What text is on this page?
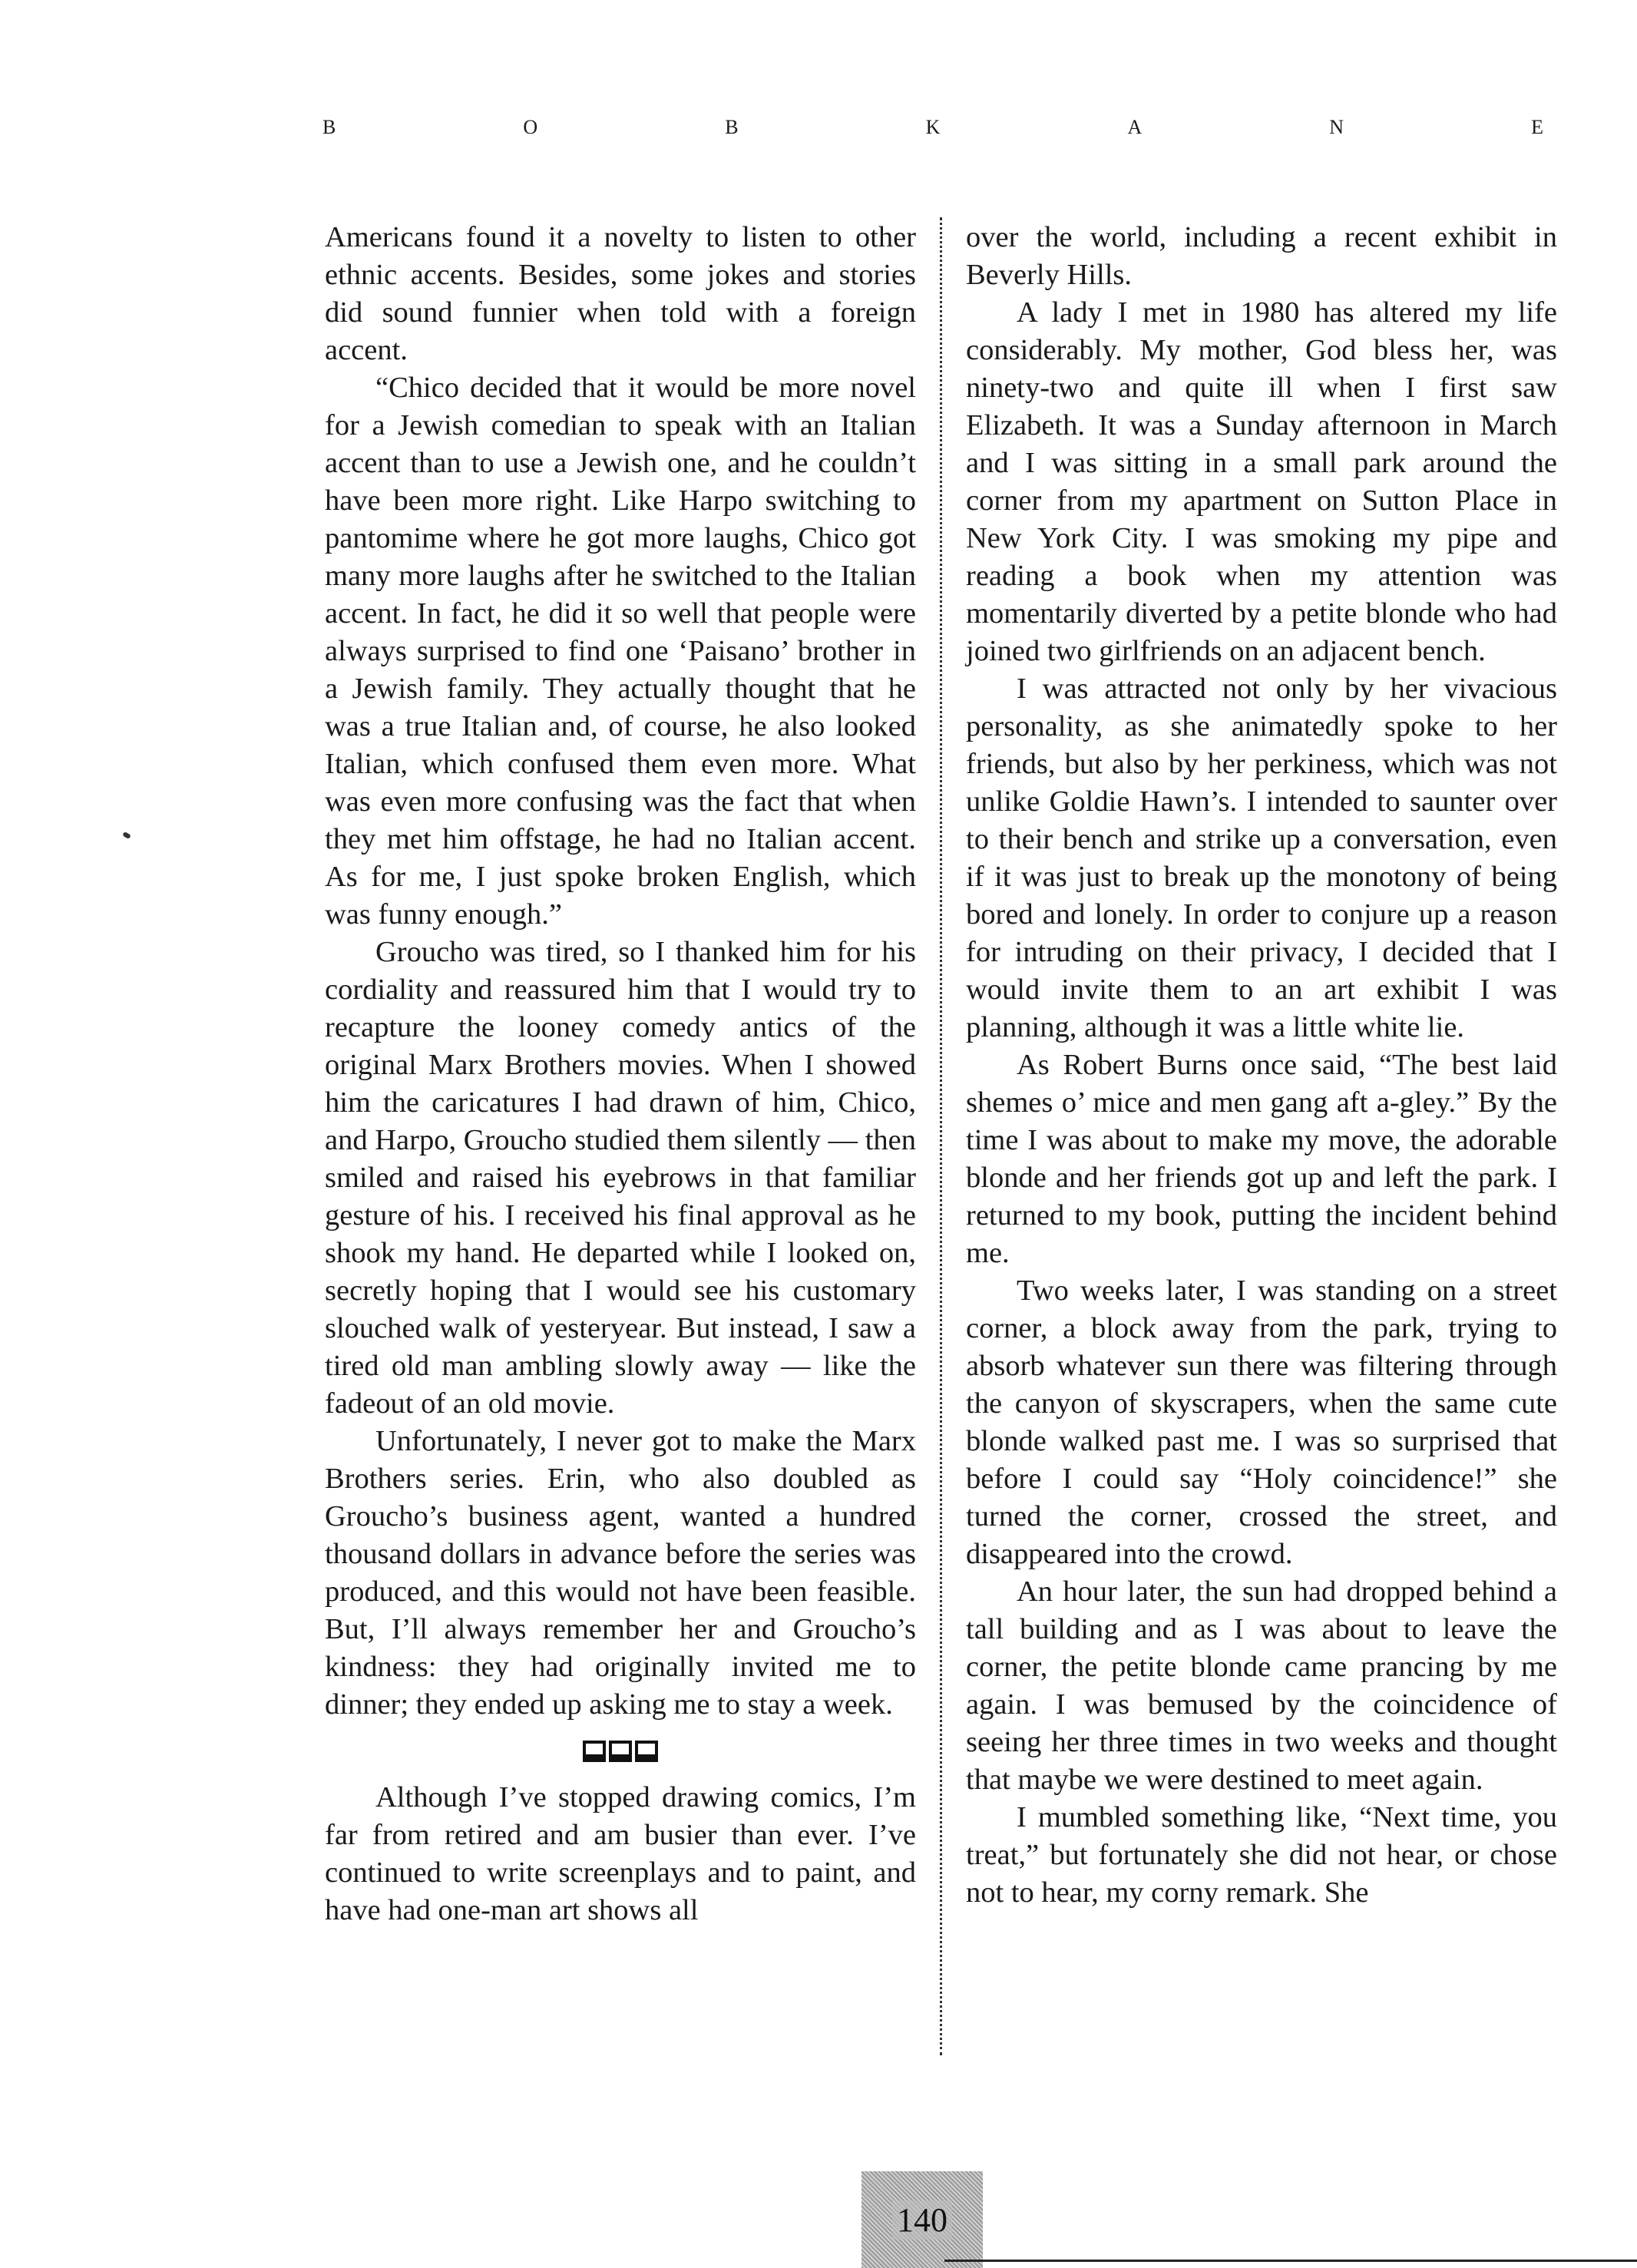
B	O	B	K	A	N	E

Americans found it a novelty to listen to other ethnic accents. Besides, some jokes and stories did sound funnier when told with a foreign accent.

“Chico decided that it would be more novel for a Jewish comedian to speak with an Italian accent than to use a Jewish one, and he couldn’t have been more right. Like Harpo switching to pantomime where he got more laughs, Chico got many more laughs after he switched to the Italian accent. In fact, he did it so well that people were always surprised to find one ‘Paisano’ brother in a Jewish family. They actually thought that he was a true Italian and, of course, he also looked Italian, which confused them even more. What was even more confusing was the fact that when they met him offstage, he had no Italian accent. As for me, I just spoke broken English, which was funny enough.”

Groucho was tired, so I thanked him for his cordiality and reassured him that I would try to recapture the looney comedy antics of the original Marx Brothers movies. When I showed him the caricatures I had drawn of him, Chico, and Harpo, Groucho studied them silently — then smiled and raised his eyebrows in that familiar gesture of his. I received his final approval as he shook my hand. He departed while I looked on, secretly hoping that I would see his customary slouched walk of yesteryear. But instead, I saw a tired old man ambling slowly away — like the fadeout of an old movie.

Unfortunately, I never got to make the Marx Brothers series. Erin, who also doubled as Groucho’s business agent, wanted a hundred thousand dollars in advance before the series was produced, and this would not have been feasible. But, I’ll always remember her and Groucho’s kindness: they had originally invited me to dinner; they ended up asking me to stay a week.

Although I’ve stopped drawing comics, I’m far from retired and am busier than ever. I’ve continued to write screenplays and to paint, and have had one-man art shows all

over the world, including a recent exhibit in Beverly Hills.

A lady I met in 1980 has altered my life considerably. My mother, God bless her, was ninety-two and quite ill when I first saw Elizabeth. It was a Sunday afternoon in March and I was sitting in a small park around the corner from my apartment on Sutton Place in New York City. I was smoking my pipe and reading a book when my attention was momentarily diverted by a petite blonde who had joined two girlfriends on an adjacent bench.

I was attracted not only by her vivacious personality, as she animatedly spoke to her friends, but also by her perkiness, which was not unlike Goldie Hawn’s. I intended to saunter over to their bench and strike up a conversation, even if it was just to break up the monotony of being bored and lonely. In order to conjure up a reason for intruding on their privacy, I decided that I would invite them to an art exhibit I was planning, although it was a little white lie.

As Robert Burns once said, “The best laid shemes o’ mice and men gang aft a-gley.” By the time I was about to make my move, the adorable blonde and her friends got up and left the park. I returned to my book, putting the incident behind me.

Two weeks later, I was standing on a street corner, a block away from the park, trying to absorb whatever sun there was filtering through the canyon of skyscrapers, when the same cute blonde walked past me. I was so surprised that before I could say “Holy coincidence!” she turned the corner, crossed the street, and disappeared into the crowd.

An hour later, the sun had dropped behind a tall building and as I was about to leave the corner, the petite blonde came prancing by me again. I was bemused by the coincidence of seeing her three times in two weeks and thought that maybe we were destined to meet again.

I mumbled something like, “Next time, you treat,” but fortunately she did not hear, or chose not to hear, my corny remark. She

140
